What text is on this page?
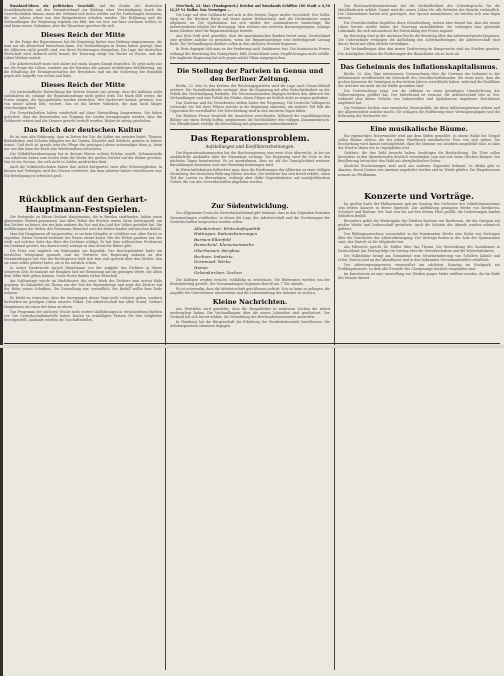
Russland-Ideen als politisches Geschäft. Auf die Stärke der deutschen Sozialdemokratie auf den Gesamtverband zur Bildung einer Verständigung durch die Gewerkschaften hinaus, muss der Verband sich heute wieder auf die Forderungen besinnen, die vor Jahren schon von den Bergarbeitern erhoben wurden. Die Erklärung und die Verhandlungen der Regierung ergeben ein Bild, das wir hier nur kurz zeichnen wollen; es sind keine neuen Gedanken, aber die Tatsachen sprechen für sich.
Dieses Reich der Mitte
In der Frage der Reparationen hat die Regierung bisher eine Haltung eingenommen, die man nur als abwartend bezeichnen kann. Die Verhandlungen in Genua haben gezeigt, dass die Alliierten nicht gewillt sind, von ihren Forderungen abzugehen. Die Lage der deutschen Wirtschaft wird dadurch nicht besser, die Teuerung steigt von Woche zu Woche, und die Löhne bleiben zurück.
Die Arbeiterschaft muss sich daher auf einen langen Kampf einstellen. Es geht nicht nur um die Frage der Löhne, sondern um die Existenz der ganzen werktätigen Bevölkerung, um die Erhaltung der Errungenschaften der Revolution und um die Sicherung der Republik gegen alle Angriffe von rechts und links.
Dieses Reich der Mitte
Die wirtschaftliche Entwicklung der letzten Monate hat gezeigt, dass die Inflation nicht aufzuhalten ist, solange die Reparationsfrage nicht gelöst wird. Die Mark fällt weiter, die Preise steigen, die Sparguthaben werden vernichtet. Wer Sachwerte besitzt, gewinnt; wer von seiner Arbeit lebt, verliert. Das ist die bittere Wahrheit, die man nicht länger verschweigen darf.
Die Gewerkschaften haben wiederholt auf diese Entwicklung hingewiesen. Sie haben gefordert, dass die Besitzenden zur Tragung der Lasten herangezogen werden, dass die Goldwerte erfasst und die Steuern gerecht verteilt werden. Bisher ist wenig geschehen.
Das Reich der deutschen Kultur
Es ist eine alte Erfahrung, dass in Zeiten der Not die Kultur am meisten leidet. Theater, Bibliotheken und Schulen kämpfen um ihr Dasein, Künstler und Gelehrte geraten in bittere Armut. Und doch ist gerade jetzt die Pflege des geistigen Lebens notwendiger denn je, denn nur aus ihm kann die Kraft zum Wiederaufbau erwachsen.
Die Volksbühnenbewegung hat in diesem Winter schöne Erfolge erzielt. Zehntausende von Arbeitern haben zum ersten Male die Werke der großen Dichter auf der Bühne gesehen. Das ist ein Gewinn, der sich nicht in Zahlen ausdrücken lässt.
Auch die Volkshochschulen haben ihre Arbeit fortgesetzt, trotz aller Schwierigkeiten. In Kursen und Vorträgen wird das Wissen verbreitet, das dem Arbeiter bisher verschlossen war. Die Beteiligung ist erfreulich groß.
Rückblick auf den Gerhart-Hauptmann-Festspielen.
Die Festspiele zu Ehren Gerhart Hauptmanns, die in Breslau stattfanden, haben einen glänzenden Verlauf genommen. Aus allen Teilen des Reiches waren Gäste herbeigeeilt, um den Dichter zu feiern, der wie kein anderer die Not und das Leid des Volkes gestaltet hat. Die Aufführungen der Weber, des Fuhrmann Henschel und der Ratten fanden stürmischen Beifall.
Man hat Hauptmann oft vorgeworfen, er sei kein Kämpfer, er schildere nur, ohne Partei zu ergreifen. Dieser Vorwurf verkennt das Wesen seiner Kunst. Wer die Weber gesehen hat, der weiß, auf welcher Seite das Herz des Dichters schlägt. Er hat dem schlesischen Proletariat ein Denkmal gesetzt, das dauern wird, solange es eine deutsche Bühne gibt.
Die Feier war zugleich ein Bekenntnis zur Republik. Der Reichspräsident hatte ein herzliches Telegramm gesandt, und die Vertreter der Regierung nahmen an den Veranstaltungen teil. Nur die Rechtspresse hielt sich fern und spottete über den Dichter, den sie einst selbst gefeiert hatte, als es ihr nützlich schien.
In seiner Dankesrede sprach Hauptmann von der Aufgabe des Dichters in dieser schweren Zeit. Er mahnte zur Einigkeit und zur Besinnung auf die geistigen Werte, die allein dem Volke Halt geben können. Seine Worte fanden tiefen Widerhall.
Am Schlusstage wurde im Stadttheater das neue Werk des Dichters zum ersten Male gegeben. Es behandelt ein Thema aus der Zeit der Bauernkriege und zeigt den Dichter auf der Höhe seines Schaffens. Die Darstellung war vortrefflich, der Beifall wollte kein Ende nehmen.
Es bleibt zu wünschen, dass die Anregungen dieser Tage nicht verloren gehen, sondern fortwirken im geistigen Leben unseres Volkes. Die Arbeiterschaft hat allen Grund, Gerhart Hauptmann als einen der ihren zu ehren.
Das Programm der nächsten Woche sieht weitere Aufführungen in verschiedenen Städten vor. Die Gewerkschaftskartelle haben Karten zu ermäßigten Preisen für ihre Mitglieder bereitgestellt; Auskunft erteilen die Geschäftsstellen.
New-York, 22. Mai. (Funkspruch.) Reichst auf Russlands Schiffen 100 Stadt = 0,50 (4,25 %) Dollar. Das Vermögen ...
Die Lage auf dem Geldmarkt hat sich in den letzten Tagen wieder verschärft. Der Dollar stieg an der Berliner Börse auf einen neuen Höchststand, und die Devisenkurse zogen allgemein an. Die Spekulation hat sich wieder der Auslandswerte bemächtigt; die Industrieaktien folgten der Bewegung. Man rechnet mit weiteren Kurssteigerungen, solange keine Klarheit über die Reparationsfrage besteht.
Aus New York wird gemeldet, dass die amerikanischen Banken bereit seien, Deutschland eine größere Anleihe zu gewähren, wenn die Reparationsfrage eine befriedigende Lösung finde. Die Verhandlungen darüber sollen in den nächsten Wochen beginnen.
In Paris dagegen hält man an der Forderung nach Sanktionen fest. Die französische Presse verlangt die Besetzung des Ruhrgebiets, falls Deutschland seine Verpflichtungen nicht erfülle. Die englische Regierung hat sich gegen solche Pläne ausgesprochen.
Die Stellung der Parteien in Genua und den Berliner Zeitung.
Berlin, 22. Mai. In den Kreisen der Reichstagsparteien wird die Lage nach Genua lebhaft erörtert. Die Sozialdemokratie verlangt, dass die Regierung mit aller Entschiedenheit an der Politik der Verständigung festhalte. Die Deutschnationalen dagegen fordern den Abbruch der Verhandlungen und eine Politik der Stärke, deren Folgen sie freilich nicht zu tragen gedenken.
Das Zentrum und die Demokraten stehen hinter der Regierung. Die Deutsche Volkspartei schwankt; ein Teil ihrer Führer möchte in die Regierung eintreten, ein anderer Teil hält die Opposition für vorteilhafter. Die Entscheidung wird in den nächsten Tagen fallen.
Die Berliner Presse beurteilt die Aussichten verschieden. Während die republikanischen Blätter auf einen Erfolg hoffen, prophezeien die Rechtsblätter den völligen Zusammenbruch. Die Öffentlichkeit verfolgt die Entwicklung mit gespannter Aufmerksamkeit.
Das Reparationsproblem.
Aufstellungen und Konflikterscheinungen.
Die Reparationskommission hat der Reichsregierung eine neue Note überreicht, in der sie ausführliche Auskünfte über die Finanzlage verlangt. Die Regierung wird die Note in den nächsten Tagen beantworten. Es ist anzunehmen, dass sie auf die Unmöglichkeit weiterer Barzahlungen hinweisen und eine Stundung beantragen wird.
In Wirtschaftskreisen befürchtet man, dass die Forderungen der Alliierten zu einer völligen Zerrüttung der deutschen Währung führen werden. Die Industrie hat sich bereit erklärt, einen Teil der Lasten zu übernehmen, verlangt aber dafür Zugeständnisse auf sozialpolitischem Gebiet, die von den Gewerkschaften abgelehnt werden.
Zur Südentwicklung.
Der Allgemeine Deutsche Gewerkschaftsbund gibt bekannt, dass in den folgenden Bezirken Versammlungen stattfinden, in denen die Lage der Arbeiterschaft und die Forderungen der Gewerkschaften besprochen werden sollen:
Altenkirchen: Wirtschaftspolitik
Hattingen: Rationalisierungen
Barmen-Elberfeld
Remscheid: Kleineisenwerke
Oberhausen: Bergbau
Bochum: Industrie
Dortmund: Werke
Hamm
Gelsenkirchen: Zechen
Die Kollegen werden ersucht, vollzählig zu erscheinen. Die Referenten werden von der Bezirksleitung gestellt. Die Versammlungen beginnen überall um 7 Uhr abends.
Es ist notwendig, dass die Arbeiterschaft geschlossen auftritt. Nur so kann es gelingen, die Angriffe der Unternehmer abzuwehren und die Lebenshaltung der Arbeiter zu sichern.
Kleine Nachrichten.
Aus Westfalen wird gemeldet, dass die Bergarbeiter in mehreren Zechen die Arbeit niedergelegt haben. Die Verhandlungen über die neuen Lohnsätze sind gescheitert. Der Verband hat sich bereit erklärt, die Vermittlung des Reichsarbeitsministers anzurufen.
In Hamburg hat die Bürgerschaft die Erhöhung der Straßenbahntarife beschlossen. Die Arbeiterparteien stimmten dagegen.
Das Reichsarbeitsministerium hat die Verbindlichkeit des Schiedsspruchs für die Metallindustrie erklärt. Damit sind die neuen Löhne für alle Betriebe des Bezirks verbindlich. Die Unternehmer hatten sich geweigert, den Spruch anzunehmen; sie werden sich nun fügen müssen.
Die Gewerkschaften begrüßen diese Entscheidung, weisen aber darauf hin, dass die neuen Löhne bereits wieder hinter der Teuerung zurückbleiben. Sie verlangen eine gleitende Lohnskala, die sich automatisch der Entwicklung der Preise anpasst.
Im Reichstag wird in der nächsten Woche die Beratung über das Arbeitszeitgesetz beginnen. Die Unternehmer verlangen die Aufhebung des Achtstundentages; die Arbeiterschaft wird dieses Recht mit allen Mitteln verteidigen.
Die Verhandlungen über den neuen Tarifvertrag im Baugewerbe sind ins Stocken geraten. Die Arbeitgeber lehnen die Forderungen der Bauarbeiter als zu hoch ab.
Das Geheimnis des Inflationskapitalismus.
Berlin, 22. Mai. Eine interessante Untersuchung über die Gewinne der Industrie in der Inflationszeit veröffentlicht die Zeitschrift des Gewerkschaftsbundes. Sie weist nach, dass die großen Konzerne ihr Vermögen in den letzten Jahren vervielfacht haben, während die Reallöhne der Arbeiter um mehr als die Hälfte gesunken sind.
Die Untersuchung zeigt, wie die Inflation zu einer gewaltigen Umschichtung des Volksvermögens geführt hat. Der Mittelstand ist verarmt, die Arbeiterschaft lebt in Not, während eine kleine Schicht von Industriellen und Spekulanten ungeheure Reichtümer angehäuft hat.
Die Verfasser fordern eine energische Steuerpolitik, die diese Inflationsgewinne erfasst und der Allgemeinheit nutzbar macht. Sie schlagen die Einführung einer Vermögensabgabe und die Erfassung der Sachwerte vor.
Eine musikalische Bäume.
Ein eigenartiges Naturwunder wird aus dem Süden gemeldet. In einem Walde bei Neapel sollen Bäume stehen, die bei jedem Windhauch musikalische Töne von sich geben. Die Erscheinung wird darauf zurückgeführt, dass die Stämme von Insekten ausgehöhlt sind, so dass der Wind in ihnen wie in Orgelpfeifen tönt.
Gelehrte, die den Wald besucht haben, bestätigen die Beobachtung. Die Töne sollen besonders in den Abendstunden deutlich vernehmbar sein und wie ferne Glocken klingen. Die Bevölkerung betrachtet den Wald mit abergläubischer Scheu.
Ähnliche Erscheinungen sind auch aus anderen Gegenden bekannt. In Afrika gibt es Akazien, deren Dornen von Ameisen angebohrt werden und im Winde pfeifen. Die Eingeborenen nennen sie Pfeifbäume.
Konzerte und Vorträge.
Im großen Saale der Philharmonie gab am Sonntag das Orchester des Volksbühnenvereins sein letztes Konzert in dieser Spielzeit. Zur Aufführung gelangten Werke von Beethoven, Schubert und Brahms. Der Saal war bis auf den letzten Platz gefüllt, die Darbietungen fanden lebhaften Beifall.
Besonders gefiel die Wiedergabe der Fünften Sinfonie von Beethoven, die der Dirigent mit großer Wucht und Leidenschaft gestaltete. Auch die Solisten des Abends wurden stürmisch gefeiert.
Der Bildungsausschuss veranstaltet in der kommenden Woche eine Reihe von Vorträgen über die Geschichte der Arbeiterbewegung. Die Vorträge finden in der Aula des Gymnasiums statt; der Eintritt ist für Mitglieder frei.
Am Mittwoch spricht Dr. Müller über das Thema: Die Entwicklung des Sozialismus in Deutschland. Am Freitag folgt ein Vortrag über die Gewerkschaften und die Wirtschaftskrise.
Die Volksbühne bringt am Sonnabend eine Neueinstudierung von Schillers Kabale und Liebe. Karten sind an der Abendkasse und in den bekannten Vorverkaufsstellen erhältlich.
Der Arbeitergesangverein veranstaltet am nächsten Sonntag im Stadtpark ein Frühlingskonzert, zu dem alle Freunde des Chorgesangs herzlich eingeladen sind.
Im Kunstverein ist eine Ausstellung von Werken junger Maler eröffnet worden, die bis Ende des Monats dauert.
